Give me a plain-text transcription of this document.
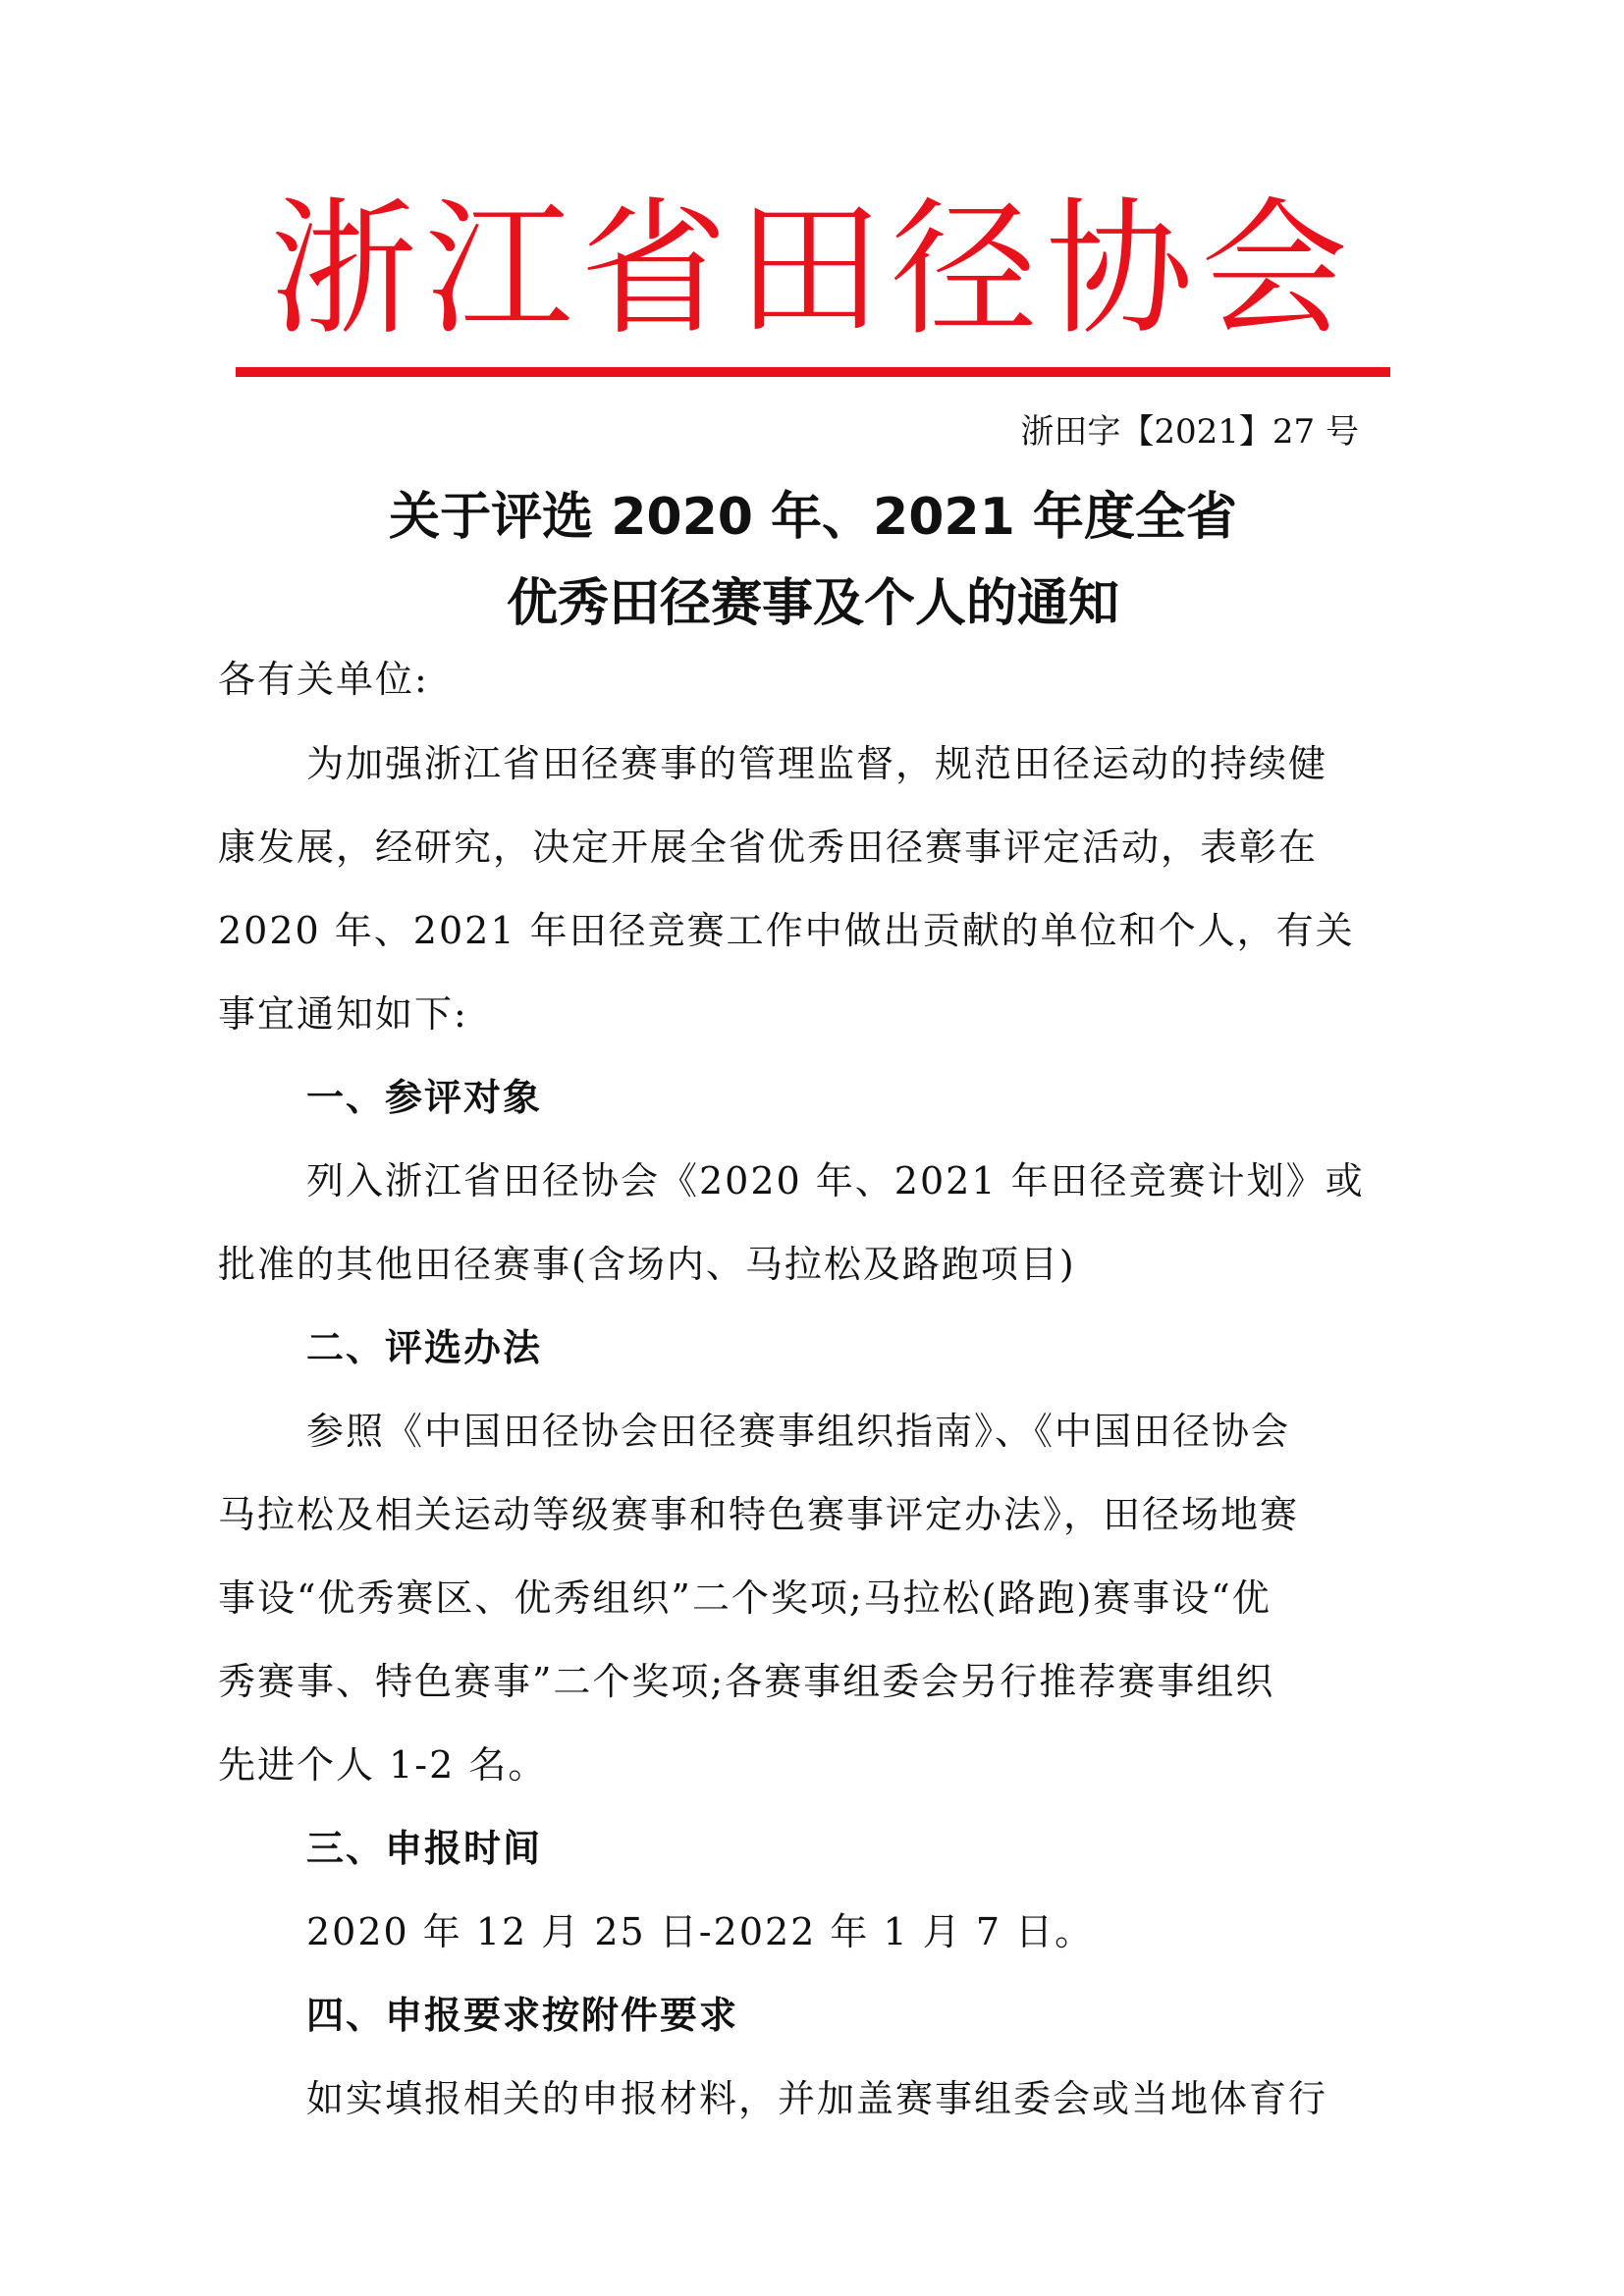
浙江省田径协会
浙田字【2021】27 号
关于评选 2020 年、2021 年度全省
优秀田径赛事及个人的通知
各有关单位:
为加强浙江省田径赛事的管理监督，规范田径运动的持续健
康发展，经研究，决定开展全省优秀田径赛事评定活动，表彰在
2020 年、2021 年田径竞赛工作中做出贡献的单位和个人，有关
事宜通知如下:
一、参评对象
列入浙江省田径协会《2020 年、2021 年田径竞赛计划》或
批准的其他田径赛事(含场内、马拉松及路跑项目)
二、评选办法
参照《中国田径协会田径赛事组织指南》、《中国田径协会
马拉松及相关运动等级赛事和特色赛事评定办法》，田径场地赛
事设“优秀赛区、优秀组织”二个奖项;马拉松(路跑)赛事设“优
秀赛事、特色赛事”二个奖项;各赛事组委会另行推荐赛事组织
先进个人 1-2 名。
三、申报时间
2020 年 12 月 25 日-2022 年 1 月 7 日。
四、申报要求按附件要求
如实填报相关的申报材料，并加盖赛事组委会或当地体育行
